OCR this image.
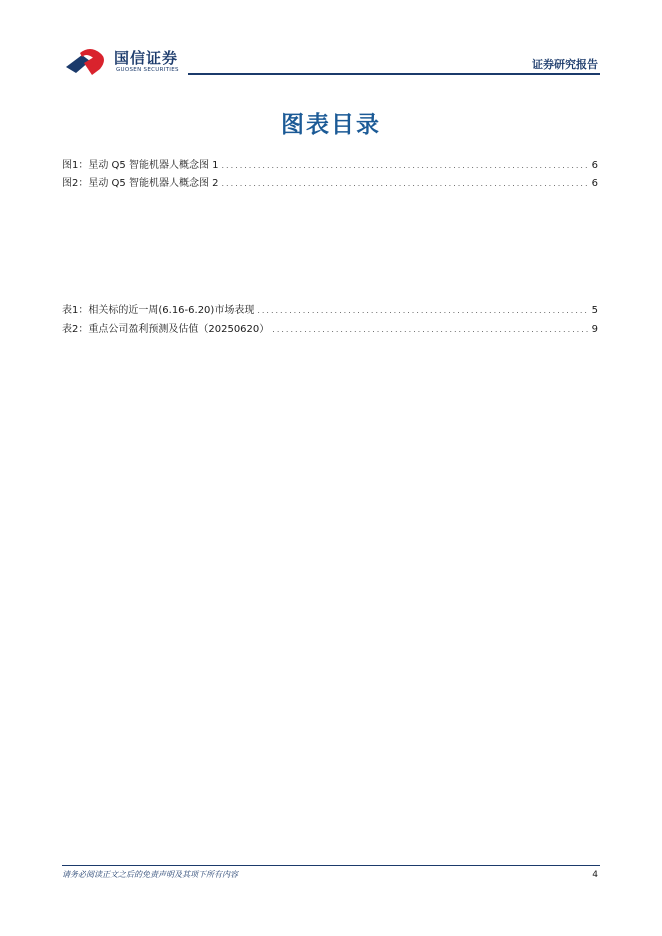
国信证券
GUOSEN SECURITIES	证券研究报告
图表目录
图1： 星动 Q5 智能机器人概念图 1 .....	6
图2： 星动 Q5 智能机器人概念图 2 .....	6
表1： 相关标的近一周(6.16-6.20)市场表现 .....	5
表2： 重点公司盈利预测及估值（20250620） .....	9
请务必阅读正文之后的免责声明及其项下所有内容	4
